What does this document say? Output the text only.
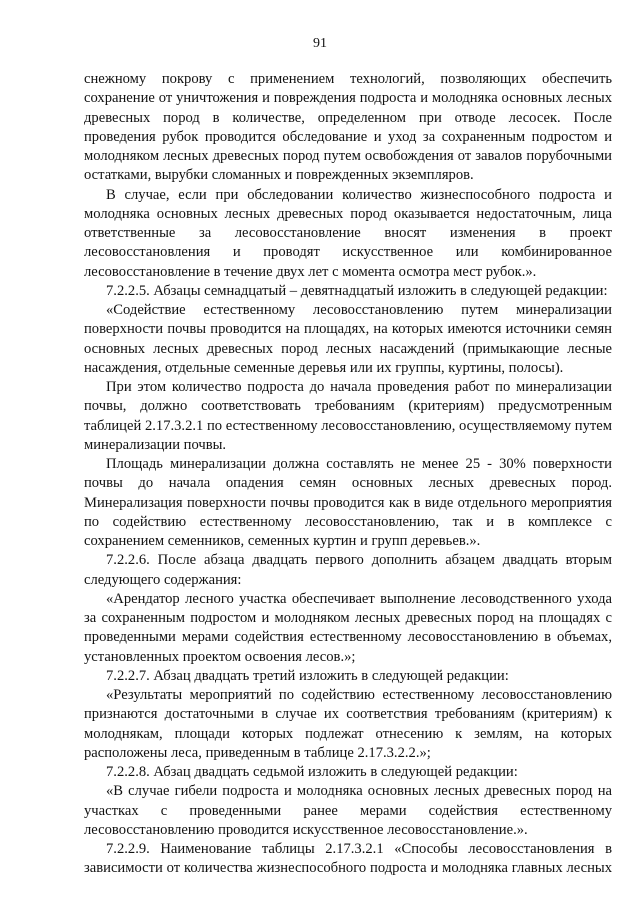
91

снежному покрову с применением технологий, позволяющих обеспечить сохранение от уничтожения и повреждения подроста и молодняка основных лесных древесных пород в количестве, определенном при отводе лесосек. После проведения рубок проводится обследование и уход за сохраненным подростом и молодняком лесных древесных пород путем освобождения от завалов порубочными остатками, вырубки сломанных и поврежденных экземпляров.

В случае, если при обследовании количество жизнеспособного подроста и молодняка основных лесных древесных пород оказывается недостаточным, лица ответственные за лесовосстановление вносят изменения в проект лесовосстановления и проводят искусственное или комбинированное лесовосстановление в течение двух лет с момента осмотра мест рубок.».

7.2.2.5. Абзацы семнадцатый – девятнадцатый изложить в следующей редакции:

«Содействие естественному лесовосстановлению путем минерализации поверхности почвы проводится на площадях, на которых имеются источники семян основных лесных древесных пород лесных насаждений (примыкающие лесные насаждения, отдельные семенные деревья или их группы, куртины, полосы).

При этом количество подроста до начала проведения работ по минерализации почвы, должно соответствовать требованиям (критериям) предусмотренным таблицей 2.17.3.2.1 по естественному лесовосстановлению, осуществляемому путем минерализации почвы.

Площадь минерализации должна составлять не менее 25 - 30% поверхности почвы до начала опадения семян основных лесных древесных пород. Минерализация поверхности почвы проводится как в виде отдельного мероприятия по содействию естественному лесовосстановлению, так и в комплексе с сохранением семенников, семенных куртин и групп деревьев.».

7.2.2.6. После абзаца двадцать первого дополнить абзацем двадцать вторым следующего содержания:

«Арендатор лесного участка обеспечивает выполнение лесоводственного ухода за сохраненным подростом и молодняком лесных древесных пород на площадях с проведенными мерами содействия естественному лесовосстановлению в объемах, установленных проектом освоения лесов.»;

7.2.2.7. Абзац двадцать третий изложить в следующей редакции:

«Результаты мероприятий по содействию естественному лесовосстановлению признаются достаточными в случае их соответствия требованиям (критериям) к молоднякам, площади которых подлежат отнесению к землям, на которых расположены леса, приведенным в таблице 2.17.3.2.2.»;

7.2.2.8. Абзац двадцать седьмой изложить в следующей редакции:

«В случае гибели подроста и молодняка основных лесных древесных пород на участках с проведенными ранее мерами содействия естественному лесовосстановлению проводится искусственное лесовосстановление.».

7.2.2.9. Наименование таблицы 2.17.3.2.1 «Способы лесовосстановления в зависимости от количества жизнеспособного подроста и молодняка главных лесных
